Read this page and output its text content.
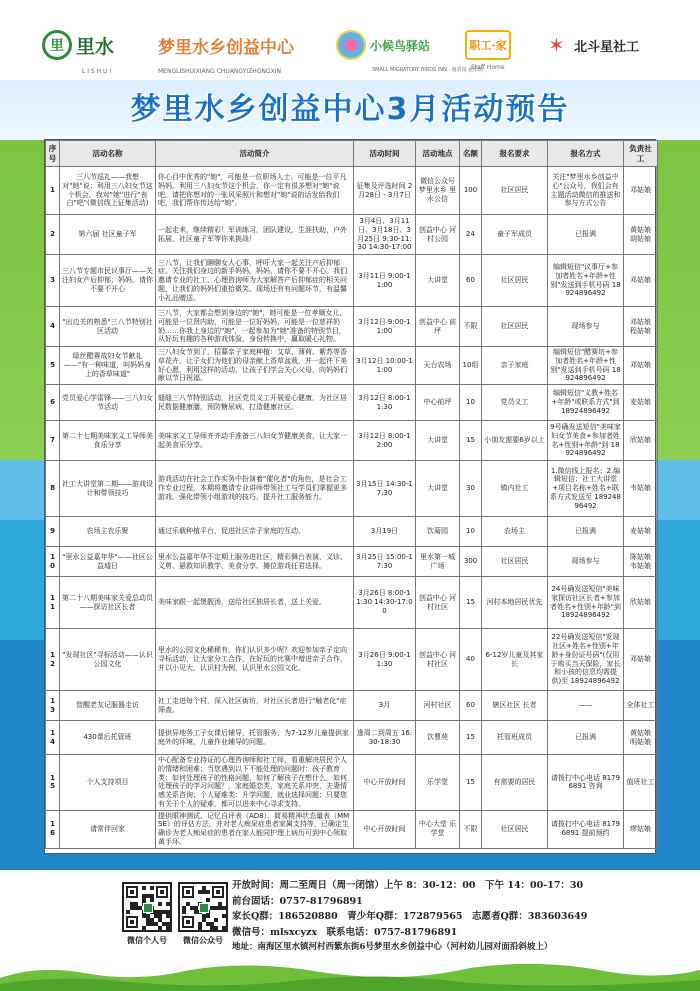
里 里水
L I S H U I
梦里水乡创益中心
MENGLISHUIXIANG CHUANGYIZHONGXIN
小候鸟驿站
SMALL MIGRATORY BIRDS INN · 南清园 童乐园
职工·家
Staff Home
✶ 北斗星社工
梦里水乡创益中心3月活动预告
序号	活动名称	活动简介	活动时间	活动地点	名额	报名要求	报名方式	负责社工
1	三八节巡礼——我想对"她"说；利用三八妇女节这个机会，我对"她"进行"表白"吧"(微信线上征集活动)	你心目中优秀的"她"，可能是一位职场人士、可能是一位平凡妈妈。利用三八妇女节这个机会，你一定有很多想对"她"说吧。请把你想对的一张风采照片和想对"她"说的话发给我们吧，我们帮你传达给"她"。	征集及评选时间 2月28日 - 3月7日	微信公众号 梦里水乡 里水公信	100	社区居民	关注"梦里水乡创益中心"公众号，我们会有主题活动微信的推送和参与方式公告	邓姑娘
2	第六届 社区童子军	一起走来，继续精彩！军训练习，团队建设，生涯扶助，户外拓展，社区童子军等你来挑战！	3月4日、3月11日、3月18日、3月25日 9:30-11:30 14:30-17:00	创益中心 河村公园	24	童子军成员	已报满	黄姑娘 胡姑娘
3	三八节专题市民议事厅——关注妇女产后抑郁；妈妈，请你不要不开心	三八节，让我们聊聊女人心事，呼吁大家一起关注产后抑郁症。关注我们身边的新手妈妈。妈妈，请你不要不开心。我们邀请专业的社工、心理咨询师为大家解答产后抑郁症的相关问题，让我们的妈妈们重拾微笑。现场还有有问题环节，有温馨小礼品赠送。	3月11日 9:00-11:00	大讲堂	60	社区居民	编辑短信"议事厅+参加者姓名+年龄+性别"发送到手机号码 18924896492	邓姑娘
4	"出边关的熟悉"三八节特别社区活动	三八节，大家都会想到身边的"她"，她可能是一位孝顺女儿，可能是一位贤内助，可能是一位好妈妈，可能是一位慈祥奶奶……你我上身边的"她"，一起参加为"她"准备的特别节目，从好玩有趣的各种游戏体验，身份转换中，赢取暖心礼物。	3月12日 9:00-11:00	创益中心 前坪	不限	社区居民	现场参与	邓姑娘 程姑娘
5	绿丝醋赛故妇女节献礼——"有一种味道，叫妈妈身上的香草味道"	三八妇女节到了，招募亲子家庭种植：艾草、薄荷、紫苏等香草花卉，让子女们为他们的母亲献上香草盆栽，并一起许下美好心愿，利用这样的活动，让孩子们学会关心父母，向妈妈们献以节日祝福。	3月12日 10:00-11:00	天台农场	10组	亲子家庭	编辑短信"醋赛坊+参加者姓名+年龄+性别"发送到手机号码 18924896492	邓姑娘
6	党员爱心学雷锋——三八妇女节活动	缝缝三八节特别活动，社区党员义工开展爱心健康，为社区居民数据健康膳，预防糖尿病，打造健康社区。	3月12日 8:00-11:30	中心前坪	10	党员义工	编辑短信"义教+姓名+年龄"或联系方式"到 18924896492	麦姑娘
7	第二十七期美味家义工导师美食乐分享	美味家义工导师齐齐动手准备三八妇女节健康美食，让大家一起美食乐分享。	3月12日 8:00-12:00	大讲堂	15	小朋友需要6岁以上	9号确发送短信"美味家妇女节美食+参加者姓名+性别+年龄"到 18924896492	欣姑娘
8	社工大讲堂第二期——游戏设计和带领技巧	游戏活动在社会工作实务中扮演着"催化者"的角色，是社会工作专业过程，本期将邀请专业讲师带领社工与学员们掌握更多游戏、强化带领小组游戏的技巧，提升社工服务能力。	3月15日 14:30-17:30	大讲堂	30	镇内社工	1.微信线上报名；2.编辑短信：社工大讲堂+项目名称+姓名+联系方式发送至 18924896492	韦姑娘
9	农场主农乐聚	通过乐载种植平台，促进社区亲子家庭的互动。	3月19日	饮菊园	10	农场主	已报满	麦姑娘
10	"里水公益嘉年华"——社区公益墟日	里水公益嘉年华不定期上服务进社区，精彩舞台表演、义诊、义剪、悬救知识教学、美食分享、摊位游戏任君选择。	3月25日 15:00-17:30	里水第一城广场	300	社区居民	现场参与	陈姑娘 韦姑娘
11	第二十八期美味家关爱总动员——探访社区长者	美味家跟一起煲靓汤，送给社区独居长者，送上关爱。	3月26日 8:00-11:30 14:30-17:00	创益中心 河村社区	15	河村本地居民优先	24号确发送短信"美味家探访社区长者+参加者姓名+性别+年龄"到 18924896492	欣姑娘
12	"发现社区"寻标活动——认识公园文化	里水的公园文化稀稀有，你们认识多少呢？欢迎参加亲子定向寻标活动，让大家分工合作，在好玩的比赛中增进亲子合作，并以小见大，认识村为例，认识里水公园文化。	3月26日 9:00-11:30	创益中心 河村社区	40	6-12岁儿童及其家长	22号确发送短信"发现社区+姓名+性别+年龄+身份证号码"(仅用于购买当天保险，家长和小孩的信息均需提供)至 18924896492	邓姑娘
13	智醒老友记服器走访	社工走进每个村，深入社区街坊，对社区长者进行"触老化"症筛查。	3月	河村社区	60	辖区社区 长者	——	全体社工
14	430课后托管班	提供异地务工子女课后辅导，托管服务，为7-12岁儿童提供家庭外的环境，儿童作业辅导的问题。	逢周二到周五 16:30-18:30	饮曹苑	15	托管班成员	已报满	黄姑娘 明姑娘
15	个人支持项目	中心配备专业持证的心理咨询师和社工师，看重解决居民个人的情绪和困难；当您遇到以下不能处理的问题时：孩子教育类：如何处理孩子的性格问题，如何了解孩子在想什么。如何处理孩子的学习问题？，家庭婚恋类，家庭关系冲突，夫妻情感关系咨询；个人疑难类：升学问题，就业选择问题；只要您有关于个人的疑难，都可以进来中心寻求支持。	中心开放时间	乐学堂	15	有需要的居民	请拨打中心电话 81796891 咨询	值班社工
16	请常伴回家	提供眼神测试、记忆自评表（AD8）、简易精神状态量表（MMSE）的评估方法，并对老人痴呆症患者家属支持等，已确定生确诊为老人痴呆症的患者在家人能同护理上病历可到中心领取黄手环。	中心开放时间	中心大堂 乐学堂	不限	社区居民	请拨打中心电话 81796891 提前预约	缪姑娘
微信个人号	微信公众号
开放时间：周二至周日（周一闭馆）上午 8：30-12：00　下午 14：00-17：30
前台固话：0757-81796891
家长Q群：186520880　青少年Q群：172879565　志愿者Q群：383603649
微信号：mlsxcyzx　联系电话：0757-81796891
地址：南海区里水镇河村西紫东街6号梦里水乡创益中心（河村幼儿园对面沿斜坡上）
